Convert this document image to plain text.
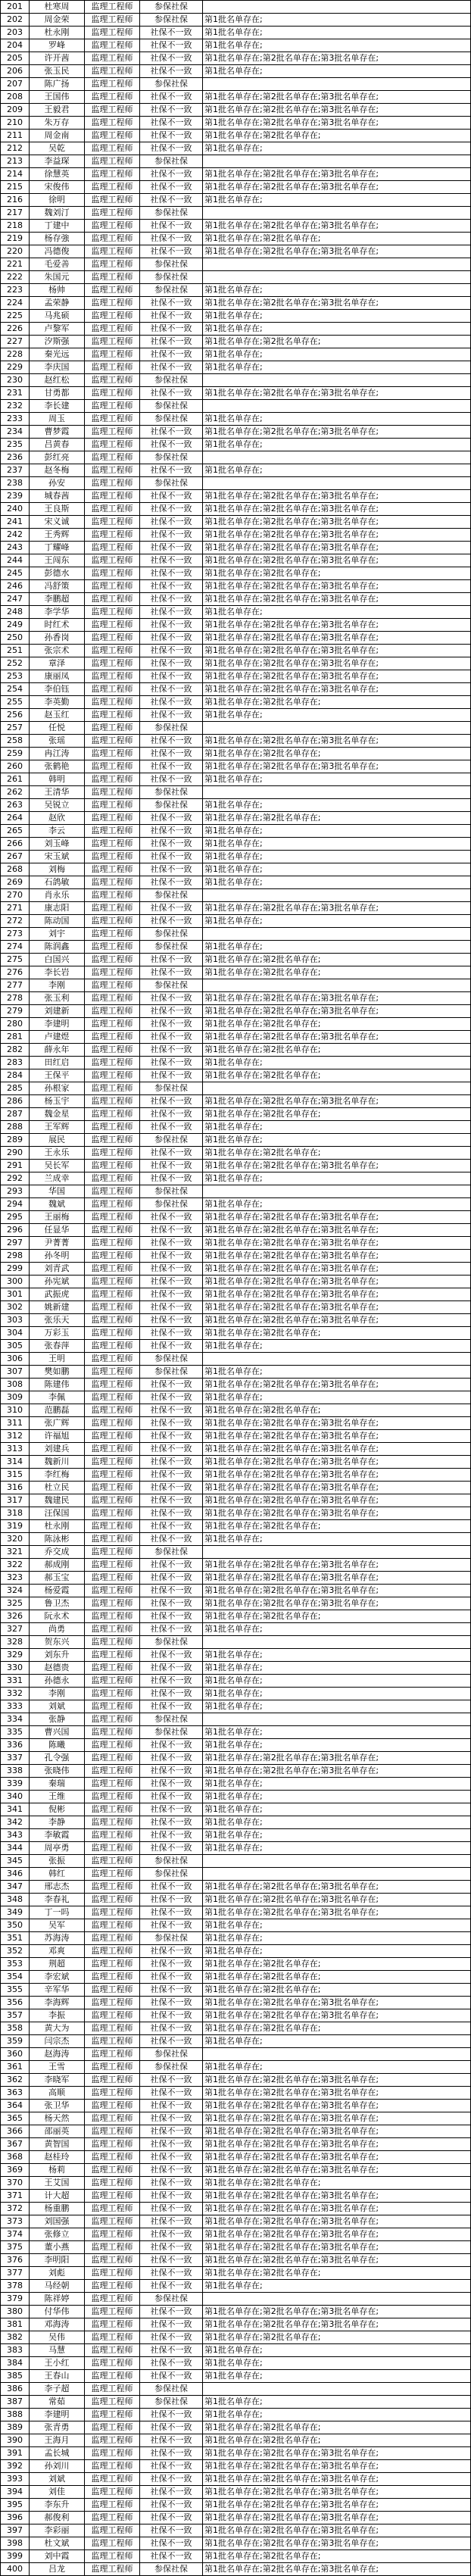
201	杜寒周	监理工程师	参保社保	
202	周金荣	监理工程师	参保社保	第1批名单存在;
203	杜永刚	监理工程师	社保不一致	第1批名单存在;
204	罗峰	监理工程师	社保不一致	第1批名单存在;
205	许开茜	监理工程师	社保不一致	第1批名单存在;第2批名单存在;第3批名单存在;
206	张玉民	监理工程师	社保不一致	第1批名单存在;
207	陈广扬	监理工程师	参保社保	
208	王国伟	监理工程师	社保不一致	第1批名单存在;第2批名单存在;第3批名单存在;
209	王毅君	监理工程师	社保不一致	第1批名单存在;第2批名单存在;第3批名单存在;
210	朱万存	监理工程师	社保不一致	第1批名单存在;第2批名单存在;第3批名单存在;
211	周金南	监理工程师	社保不一致	第1批名单存在;第2批名单存在;
212	吴乾	监理工程师	社保不一致	第1批名单存在;
213	李益琛	监理工程师	参保社保	
214	徐慧英	监理工程师	社保不一致	第1批名单存在;第2批名单存在;第3批名单存在;
215	宋俊伟	监理工程师	社保不一致	第1批名单存在;第2批名单存在;第3批名单存在;
216	徐明	监理工程师	社保不一致	第1批名单存在;
217	魏刘汀	监理工程师	参保社保	
218	丁建中	监理工程师	社保不一致	第1批名单存在;第2批名单存在;第3批名单存在;
219	杨存強	监理工程师	社保不一致	第1批名单存在;第2批名单存在;
220	冯德俊	监理工程师	社保不一致	第1批名单存在;第2批名单存在;第3批名单存在;
221	毛爱善	监理工程师	参保社保	
222	朱国元	监理工程师	参保社保	
223	杨帅	监理工程师	参保社保	第1批名单存在;
224	孟荣静	监理工程师	社保不一致	第1批名单存在;第2批名单存在;第3批名单存在;
225	马兆硕	监理工程师	社保不一致	第1批名单存在;
226	卢黎军	监理工程师	社保不一致	第1批名单存在;
227	汐斯强	监理工程师	社保不一致	第1批名单存在;第2批名单存在;
228	秦光远	监理工程师	社保不一致	第1批名单存在;
229	李庆国	监理工程师	社保不一致	第1批名单存在;
230	赵红松	监理工程师	参保社保	
231	甘勇都	监理工程师	社保不一致	第1批名单存在;第2批名单存在;第3批名单存在;
232	李长建	监理工程师	参保社保	
233	周玉	监理工程师	参保社保	第1批名单存在;
234	曹梦霞	监理工程师	社保不一致	第1批名单存在;第2批名单存在;第3批名单存在;
235	吕黄春	监理工程师	社保不一致	第1批名单存在;
236	彭红亮	监理工程师	参保社保	
237	赵冬梅	监理工程师	社保不一致	第1批名单存在;
238	孙安	监理工程师	参保社保	
239	城春茜	监理工程师	社保不一致	第1批名单存在;第2批名单存在;第3批名单存在;
240	王良斯	监理工程师	社保不一致	第1批名单存在;第2批名单存在;第3批名单存在;
241	宋义诚	监理工程师	社保不一致	第1批名单存在;第2批名单存在;第3批名单存在;
242	王秀辉	监理工程师	社保不一致	第1批名单存在;第2批名单存在;第3批名单存在;
243	丁耀峰	监理工程师	社保不一致	第1批名单存在;第2批名单存在;第3批名单存在;
244	王闯东	监理工程师	社保不一致	第1批名单存在;第2批名单存在;第3批名单存在;
245	彭德水	监理工程师	社保不一致	第1批名单存在;第2批名单存在;
246	冯舒策	监理工程师	社保不一致	第1批名单存在;第2批名单存在;第3批名单存在;
247	李鹏超	监理工程师	社保不一致	第1批名单存在;第2批名单存在;第3批名单存在;
248	李学华	监理工程师	社保不一致	第1批名单存在;
249	时红术	监理工程师	社保不一致	第1批名单存在;第2批名单存在;第3批名单存在;
250	孙香岗	监理工程师	社保不一致	第1批名单存在;第2批名单存在;第3批名单存在;
251	张宗术	监理工程师	社保不一致	第1批名单存在;第2批名单存在;第3批名单存在;
252	章泽	监理工程师	社保不一致	第1批名单存在;第2批名单存在;第3批名单存在;
253	康丽凤	监理工程师	社保不一致	第1批名单存在;第2批名单存在;第3批名单存在;
254	李伯钰	监理工程师	社保不一致	第1批名单存在;第2批名单存在;第3批名单存在;
255	李英勤	监理工程师	社保不一致	第1批名单存在;第2批名单存在;
256	赵玉红	监理工程师	社保不一致	第1批名单存在;
257	任悦	监理工程师	参保社保	
258	张瑶	监理工程师	社保不一致	第1批名单存在;第2批名单存在;第3批名单存在;
259	冉江涛	监理工程师	社保不一致	第1批名单存在;第2批名单存在;
260	张鹤艳	监理工程师	社保不一致	第1批名单存在;第2批名单存在;第3批名单存在;
261	韩明	监理工程师	社保不一致	第1批名单存在;
262	王清华	监理工程师	参保社保	
263	吴锐立	监理工程师	参保社保	第1批名单存在;
264	赵欣	监理工程师	社保不一致	第1批名单存在;第2批名单存在;
265	李云	监理工程师	社保不一致	第1批名单存在;
266	刘玉峰	监理工程师	社保不一致	第1批名单存在;
267	宋玉斌	监理工程师	社保不一致	第1批名单存在;
268	刘梅	监理工程师	社保不一致	第1批名单存在;
269	石鸽敏	监理工程师	社保不一致	第1批名单存在;
270	肖永乐	监理工程师	参保社保	
271	康志阳	监理工程师	社保不一致	第1批名单存在;第2批名单存在;第3批名单存在;
272	陈动国	监理工程师	社保不一致	第1批名单存在;
273	刘宇	监理工程师	参保社保	
274	陈润鑫	监理工程师	参保社保	第1批名单存在;
275	白国兴	监理工程师	社保不一致	第1批名单存在;第2批名单存在;
276	李长岩	监理工程师	社保不一致	第1批名单存在;第2批名单存在;
277	李刚	监理工程师	参保社保	
278	张玉利	监理工程师	社保不一致	第1批名单存在;第2批名单存在;第3批名单存在;
279	刘建新	监理工程师	社保不一致	第1批名单存在;第2批名单存在;第3批名单存在;
280	李建明	监理工程师	社保不一致	第1批名单存在;第2批名单存在;
281	卢建煜	监理工程师	社保不一致	第1批名单存在;第2批名单存在;第3批名单存在;
282	薛永年	监理工程师	社保不一致	第1批名单存在;第2批名单存在;
283	田红启	监理工程师	社保不一致	第1批名单存在;
284	王保平	监理工程师	社保不一致	第1批名单存在;第2批名单存在;
285	孙根家	监理工程师	参保社保	
286	杨玉宇	监理工程师	社保不一致	第1批名单存在;第2批名单存在;第3批名单存在;
287	魏金星	监理工程师	社保不一致	第1批名单存在;第2批名单存在;
288	王军辉	监理工程师	社保不一致	第1批名单存在;
289	展民	监理工程师	参保社保	第1批名单存在;
290	王永乐	监理工程师	社保不一致	第1批名单存在;第2批名单存在;
291	吴长军	监理工程师	社保不一致	第1批名单存在;第2批名单存在;第3批名单存在;
292	兰成幸	监理工程师	社保不一致	第1批名单存在;
293	华国	监理工程师	参保社保	
294	魏斌	监理工程师	参保社保	第1批名单存在;
295	王丽梅	监理工程师	社保不一致	第1批名单存在;第2批名单存在;第3批名单存在;
296	任显华	监理工程师	社保不一致	第1批名单存在;第2批名单存在;第3批名单存在;
297	尹菁菁	监理工程师	社保不一致	第1批名单存在;第2批名单存在;第3批名单存在;
298	孙冬明	监理工程师	社保不一致	第1批名单存在;第2批名单存在;第3批名单存在;
299	刘青武	监理工程师	社保不一致	第1批名单存在;第2批名单存在;第3批名单存在;
300	孙宪斌	监理工程师	社保不一致	第1批名单存在;第2批名单存在;第3批名单存在;
301	武振虎	监理工程师	社保不一致	第1批名单存在;第2批名单存在;第3批名单存在;
302	姚新建	监理工程师	社保不一致	第1批名单存在;第2批名单存在;第3批名单存在;
303	张乐天	监理工程师	社保不一致	第1批名单存在;第2批名单存在;第3批名单存在;
304	万彩玉	监理工程师	社保不一致	第1批名单存在;第2批名单存在;
305	张春萍	监理工程师	社保不一致	第1批名单存在;
306	王明	监理工程师	参保社保	
307	樊如鹏	监理工程师	参保社保	第1批名单存在;
308	陈建伟	监理工程师	社保不一致	第1批名单存在;第2批名单存在;第3批名单存在;
309	李佩	监理工程师	社保不一致	第1批名单存在;
310	范鹏磊	监理工程师	社保不一致	第1批名单存在;第2批名单存在;
311	张广辉	监理工程师	社保不一致	第1批名单存在;第2批名单存在;第3批名单存在;
312	许福旭	监理工程师	社保不一致	第1批名单存在;第2批名单存在;第3批名单存在;
313	刘建兵	监理工程师	社保不一致	第1批名单存在;第2批名单存在;第3批名单存在;
314	魏新川	监理工程师	社保不一致	第1批名单存在;第2批名单存在;第3批名单存在;
315	李红梅	监理工程师	社保不一致	第1批名单存在;第2批名单存在;第3批名单存在;
316	杜立民	监理工程师	社保不一致	第1批名单存在;第2批名单存在;第3批名单存在;
317	魏建民	监理工程师	社保不一致	第1批名单存在;第2批名单存在;第3批名单存在;
318	汪保国	监理工程师	社保不一致	第1批名单存在;第2批名单存在;第3批名单存在;
319	杜永刚	监理工程师	社保不一致	第1批名单存在;第2批名单存在;
320	陈泳彬	监理工程师	社保不一致	第1批名单存在;
321	乔交成	监理工程师	参保社保	
322	郝成刚	监理工程师	社保不一致	第1批名单存在;第2批名单存在;第3批名单存在;
323	郝玉宝	监理工程师	社保不一致	第1批名单存在;第2批名单存在;第3批名单存在;
324	杨爱霞	监理工程师	社保不一致	第1批名单存在;第2批名单存在;第3批名单存在;
325	鲁卫杰	监理工程师	社保不一致	第1批名单存在;第2批名单存在;第3批名单存在;
326	阮永术	监理工程师	社保不一致	第1批名单存在;第2批名单存在;
327	尚勇	监理工程师	社保不一致	第1批名单存在;
328	贺东兴	监理工程师	参保社保	
329	刘东升	监理工程师	社保不一致	第1批名单存在;
330	赵德贵	监理工程师	社保不一致	第1批名单存在;
331	孙德永	监理工程师	社保不一致	第1批名单存在;
332	李刚	监理工程师	社保不一致	第1批名单存在;
333	刘斌	监理工程师	社保不一致	第1批名单存在;
334	张静	监理工程师	参保社保	
335	曹兴国	监理工程师	参保社保	第1批名单存在;
336	陈曦	监理工程师	社保不一致	第1批名单存在;
337	孔令强	监理工程师	社保不一致	第1批名单存在;第2批名单存在;第3批名单存在;
338	张晓伟	监理工程师	社保不一致	第1批名单存在;第2批名单存在;第3批名单存在;
339	秦瑞	监理工程师	社保不一致	第1批名单存在;
340	王维	监理工程师	社保不一致	第1批名单存在;
341	倪彬	监理工程师	社保不一致	第1批名单存在;
342	李静	监理工程师	社保不一致	第1批名单存在;
343	李敏霞	监理工程师	社保不一致	第1批名单存在;
344	周亭勇	监理工程师	社保不一致	第1批名单存在;
345	张振	监理工程师	参保社保	
346	韩红	监理工程师	参保社保	
347	邢志杰	监理工程师	社保不一致	第1批名单存在;第2批名单存在;第3批名单存在;
348	李春礼	监理工程师	社保不一致	第1批名单存在;第2批名单存在;第3批名单存在;
349	丁一吗	监理工程师	社保不一致	第1批名单存在;第2批名单存在;第3批名单存在;
350	吴军	监理工程师	社保不一致	第1批名单存在;
351	苏海涛	监理工程师	参保社保	第1批名单存在;
352	邓爽	监理工程师	社保不一致	第1批名单存在;
353	荆超	监理工程师	社保不一致	第1批名单存在;第2批名单存在;
354	李宏斌	监理工程师	社保不一致	第1批名单存在;第2批名单存在;
355	辛军华	监理工程师	社保不一致	第1批名单存在;第2批名单存在;
356	李海辉	监理工程师	社保不一致	第1批名单存在;第2批名单存在;第3批名单存在;
357	李振	监理工程师	社保不一致	第1批名单存在;第2批名单存在;第3批名单存在;
358	黄大为	监理工程师	社保不一致	第1批名单存在;第2批名单存在;
359	闫宗杰	监理工程师	社保不一致	第1批名单存在;
360	赵海涛	监理工程师	参保社保	
361	王雪	监理工程师	参保社保	第1批名单存在;
362	李晓军	监理工程师	社保不一致	第1批名单存在;第2批名单存在;第3批名单存在;
363	高顺	监理工程师	社保不一致	第1批名单存在;第2批名单存在;第3批名单存在;
364	张卫华	监理工程师	社保不一致	第1批名单存在;第2批名单存在;第3批名单存在;
365	杨天然	监理工程师	社保不一致	第1批名单存在;第2批名单存在;第3批名单存在;
366	邵丽英	监理工程师	社保不一致	第1批名单存在;第2批名单存在;第3批名单存在;
367	黄智国	监理工程师	社保不一致	第1批名单存在;第2批名单存在;第3批名单存在;
368	赵桂玲	监理工程师	社保不一致	第1批名单存在;第2批名单存在;第3批名单存在;
369	杨莉	监理工程师	社保不一致	第1批名单存在;第2批名单存在;第3批名单存在;
370	王艾国	监理工程师	社保不一致	第1批名单存在;第2批名单存在;
371	计大超	监理工程师	社保不一致	第1批名单存在;第2批名单存在;第3批名单存在;
372	杨重鹏	监理工程师	社保不一致	第1批名单存在;第2批名单存在;第3批名单存在;
373	刘国强	监理工程师	社保不一致	第1批名单存在;第2批名单存在;第3批名单存在;
374	张修立	监理工程师	社保不一致	第1批名单存在;第2批名单存在;第3批名单存在;
375	董小燕	监理工程师	社保不一致	第1批名单存在;第2批名单存在;第3批名单存在;
376	李明阳	监理工程师	社保不一致	第1批名单存在;第2批名单存在;第3批名单存在;
377	刘彪	监理工程师	社保不一致	第1批名单存在;第2批名单存在;
378	马经朝	监理工程师	社保不一致	第1批名单存在;
379	陈祥婷	监理工程师	参保社保	
380	付华伟	监理工程师	社保不一致	第1批名单存在;第2批名单存在;第3批名单存在;
381	邓海涛	监理工程师	社保不一致	第1批名单存在;第2批名单存在;第3批名单存在;
382	吴伟	监理工程师	社保不一致	第1批名单存在;第2批名单存在;
383	马慧	监理工程师	社保不一致	第1批名单存在;
384	王小红	监理工程师	社保不一致	第1批名单存在;
385	王春山	监理工程师	社保不一致	第1批名单存在;
386	李子超	监理工程师	参保社保	
387	常茹	监理工程师	参保社保	第1批名单存在;
388	李建明	监理工程师	社保不一致	第1批名单存在;
389	张青勇	监理工程师	社保不一致	第1批名单存在;第2批名单存在;
390	王海月	监理工程师	社保不一致	第1批名单存在;第2批名单存在;
391	孟长城	监理工程师	社保不一致	第1批名单存在;第2批名单存在;第3批名单存在;
392	孙刘川	监理工程师	社保不一致	第1批名单存在;第2批名单存在;第3批名单存在;
393	刘斌	监理工程师	社保不一致	第1批名单存在;第2批名单存在;第3批名单存在;
394	刘佳	监理工程师	社保不一致	第1批名单存在;第2批名单存在;第3批名单存在;
395	李东升	监理工程师	社保不一致	第1批名单存在;第2批名单存在;第3批名单存在;
396	郝俊利	监理工程师	社保不一致	第1批名单存在;第2批名单存在;第3批名单存在;
397	李彩丽	监理工程师	社保不一致	第1批名单存在;第2批名单存在;第3批名单存在;
398	杜文斌	监理工程师	社保不一致	第1批名单存在;第2批名单存在;第3批名单存在;
399	刘中霞	监理工程师	社保不一致	第1批名单存在;第2批名单存在;
400	吕龙	监理工程师	参保社保	第1批名单存在;第2批名单存在;第3批名单存在;
